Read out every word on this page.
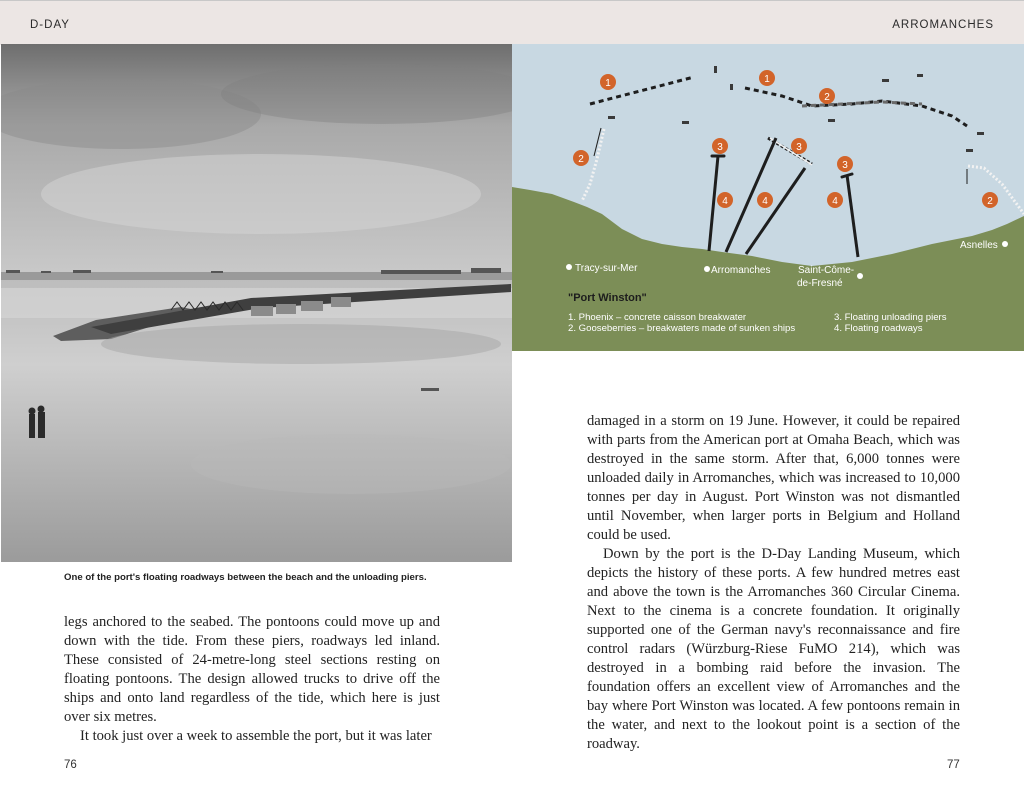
D-DAY	ARROMANCHES
One of the port's floating roadways between the beach and the unloading piers.
1	1
2
2
2
3	3
3
4	4	4
Tracy-sur-Mer	Arromanches	Saint-Côme-
de-Fresné
Asnelles
"Port Winston"
1. Phoenix – concrete caisson breakwater
2. Gooseberries – breakwaters made of sunken ships
3. Floating unloading piers
4. Floating roadways

legs anchored to the seabed. The pontoons could move up and down with the tide. From these piers, roadways led inland. These consisted of 24-metre-long steel sections resting on floating pontoons. The design allowed trucks to drive off the ships and onto land regardless of the tide, which here is just over six metres.

It took just over a week to assemble the port, but it was later

damaged in a storm on 19 June. However, it could be repaired with parts from the American port at Omaha Beach, which was destroyed in the same storm. After that, 6,000 tonnes were unloaded daily in Arromanches, which was increased to 10,000 tonnes per day in August. Port Winston was not dismantled until November, when larger ports in Belgium and Holland could be used.

Down by the port is the D-Day Landing Museum, which depicts the history of these ports. A few hundred metres east and above the town is the Arromanches 360 Circular Cinema. Next to the cinema is a concrete foundation. It originally supported one of the German navy's reconnaissance and fire control radars (Würzburg-Riese FuMO 214), which was destroyed in a bombing raid before the invasion. The foundation offers an excellent view of Arromanches and the bay where Port Winston was located. A few pontoons remain in the water, and next to the lookout point is a section of the roadway.

76	77
